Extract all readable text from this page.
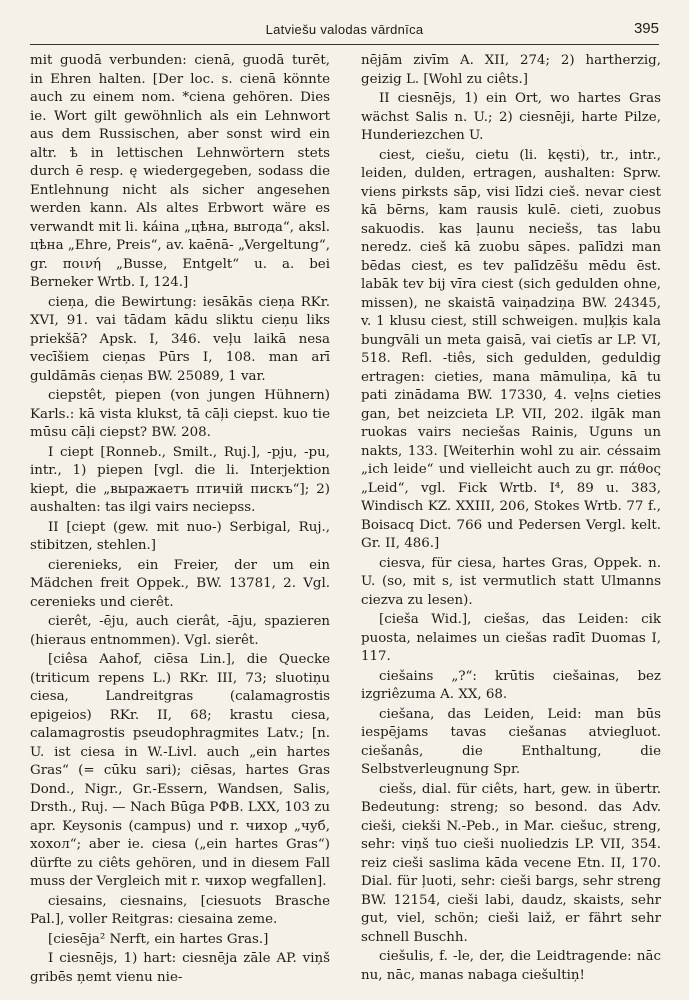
Latviešu valodas vārdnīca	395

mit guodā verbunden: cienā, guodā turēt, in Ehren halten. [Der loc. s. cienā könnte auch zu einem nom. *ciena gehören. Dies ie. Wort gilt gewöhnlich als ein Lehnwort aus dem Russischen, aber sonst wird ein altr. ѣ in lettischen Lehnwörtern stets durch ē resp. ę wiedergegeben, sodass die Entlehnung nicht als sicher angesehen werden kann. Als altes Erbwort wäre es verwandt mit li. káina „цѣна, выгода“, aksl. цѣна „Ehre, Preis“, av. kaēnā- „Vergeltung“, gr. ποινή „Busse, Entgelt“ u. a. bei Berneker Wrtb. I, 124.]

cieņa, die Bewirtung: iesākās cieņa RKr. XVI, 91. vai tādam kādu sliktu cieņu liks priekšā? Apsk. I, 346. veļu laikā nesa vecīšiem cieņas Pūrs I, 108. man arī guldāmās cieņas BW. 25089, 1 var.

ciepstêt, piepen (von jungen Hühnern) Karls.: kā vista klukst, tā cāļi ciepst. kuo tie mūsu cāļi ciepst? BW. 208.

I ciept [Ronneb., Smilt., Ruj.], -pju, -pu, intr., 1) piepen [vgl. die li. Interjektion kiept, die „выражаетъ птичій пискъ“]; 2) aushalten: tas ilgi vairs neciepss.

II [ciept (gew. mit nuo-) Serbigal, Ruj., stibitzen, stehlen.]

cierenieks, ein Freier, der um ein Mädchen freit Oppek., BW. 13781, 2. Vgl. cerenieks und cierêt.

cierêt, -ēju, auch cierât, -āju, spazieren (hieraus entnommen). Vgl. sierêt.

[ciêsa Aahof, ciēsa Lin.], die Quecke (triticum repens L.) RKr. III, 73; sluotiņu ciesa, Landreitgras (calamagrostis epigeios) RKr. II, 68; krastu ciesa, calamagrostis pseudophragmites Latv.; [n. U. ist ciesa in W.-Livl. auch „ein hartes Gras“ (= cūku sari); ciēsas, hartes Gras Dond., Nigr., Gr.-Essern, Wandsen, Salis, Drsth., Ruj. — Nach Būga РФВ. LXX, 103 zu apr. Keysonis (campus) und r. чихор „чуб, хохол“; aber ie. ciesa („ein hartes Gras“) dürfte zu ciêts gehören, und in diesem Fall muss der Vergleich mit r. чихор wegfallen].

ciesains, ciesnains, [ciesuots Brasche Pal.], voller Reitgras: ciesaina zeme.

[ciesēja² Nerft, ein hartes Gras.]

I ciesnējs, 1) hart: ciesnēja zāle AP. viņš gribēs ņemt vienu nie-

nējām zivīm A. XII, 274; 2) hartherzig, geizig L. [Wohl zu ciêts.]

II ciesnējs, 1) ein Ort, wo hartes Gras wächst Salis n. U.; 2) ciesnēji, harte Pilze, Hunderiezchen U.

ciest, ciešu, cietu (li. kęsti), tr., intr., leiden, dulden, ertragen, aushalten: Sprw. viens pirksts sāp, visi līdzi cieš. nevar ciest kā bērns, kam rausis kulē. cieti, zuobus sakuodis. kas ļaunu neciešs, tas labu neredz. cieš kā zuobu sāpes. palīdzi man bēdas ciest, es tev palīdzēšu mēdu ēst. labāk tev bij vīra ciest (sich gedulden ohne, missen), ne skaistā vaiņadziņa BW. 24345, v. 1 klusu ciest, still schweigen. muļķis kala bungvāli un meta gaisā, vai cietīs ar LP. VI, 518. Refl. -tiês, sich gedulden, geduldig ertragen: cieties, mana māmuliņa, kā tu pati zinādama BW. 17330, 4. veļns cieties gan, bet neizcieta LP. VII, 202. ilgāk man ruokas vairs neciešas Rainis, Uguns un nakts, 133. [Weiterhin wohl zu air. céssaim „ich leide“ und vielleicht auch zu gr. πάθος „Leid“, vgl. Fick Wrtb. I⁴, 89 u. 383, Windisch KZ. XXIII, 206, Stokes Wrtb. 77 f., Boisacq Dict. 766 und Pedersen Vergl. kelt. Gr. II, 486.]

ciesva, für ciesa, hartes Gras, Oppek. n. U. (so, mit s, ist vermutlich statt Ulmanns ciezva zu lesen).

[cieša Wid.], ciešas, das Leiden: cik puosta, nelaimes un ciešas radīt Duomas I, 117.

ciešains „?“: krūtis ciešainas, bez izgriêzuma A. XX, 68.

ciešana, das Leiden, Leid: man būs iespējams tavas ciešanas atviegluot. ciešanâs, die Enthaltung, die Selbstverleugnung Spr.

ciešs, dial. für ciêts, hart, gew. in übertr. Bedeutung: streng; so besond. das Adv. cieši, ciekši N.-Peb., in Mar. ciešuc, streng, sehr: viņš tuo cieši nuoliedzis LP. VII, 354. reiz cieši saslima kāda vecene Etn. II, 170. Dial. für ļuoti, sehr: cieši bargs, sehr streng BW. 12154, cieši labi, daudz, skaists, sehr gut, viel, schön; cieši laiž, er fährt sehr schnell Buschh.

ciešulis, f. -le, der, die Leidtragende: nāc nu, nāc, manas nabaga ciešultiņ!
